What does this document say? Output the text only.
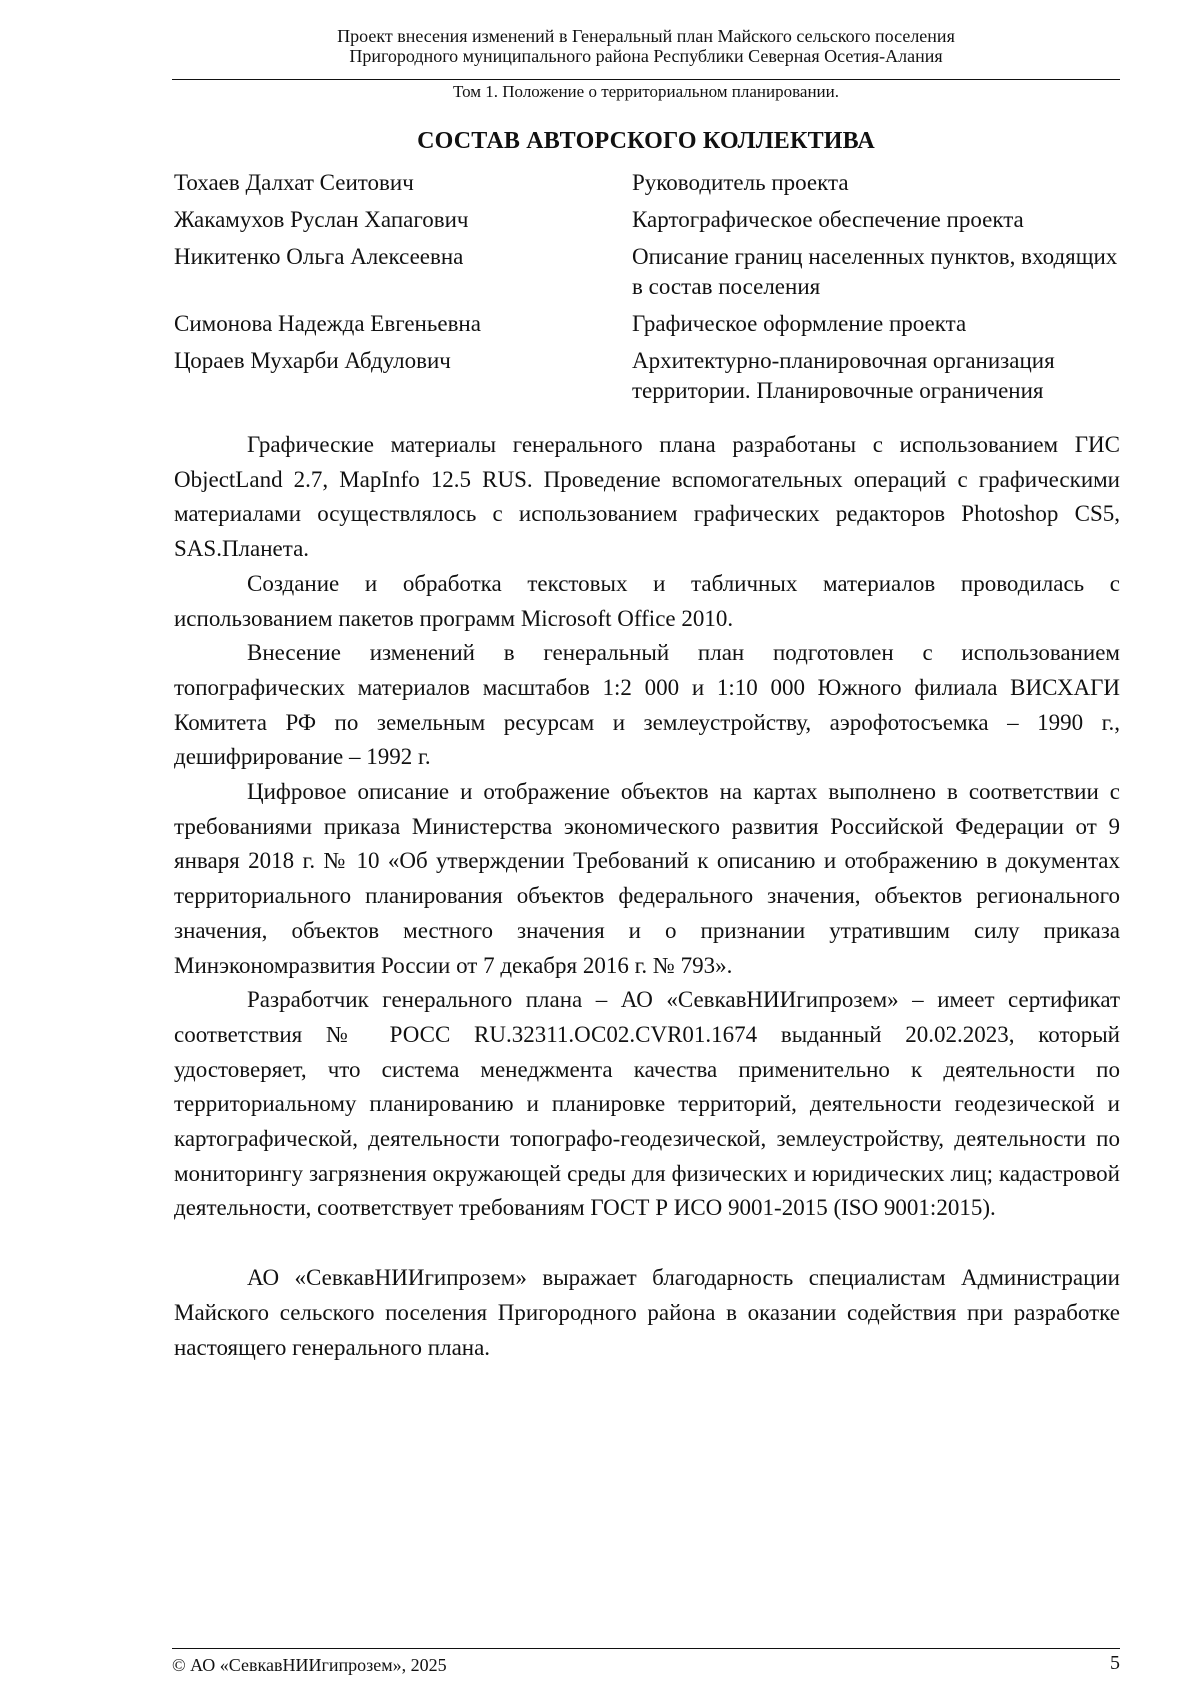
Проект внесения изменений в Генеральный план Майского сельского поселения
Пригородного муниципального района Республики Северная Осетия-Алания
Том 1. Положение о территориальном планировании.
СОСТАВ АВТОРСКОГО КОЛЛЕКТИВА
Тохаев Далхат Сеитович	Руководитель проекта
Жакамухов Руслан Хапагович	Картографическое обеспечение проекта
Никитенко Ольга Алексеевна	Описание границ населенных пунктов, входящих в состав поселения
Симонова Надежда Евгеньевна	Графическое оформление проекта
Цораев Мухарби Абдулович	Архитектурно-планировочная организация территории. Планировочные ограничения

Графические материалы генерального плана разработаны с использованием ГИС ObjectLand 2.7, MapInfo 12.5 RUS. Проведение вспомогательных операций с графическими материалами осуществлялось с использованием графических редакторов Photoshop CS5, SAS.Планета.

Создание и обработка текстовых и табличных материалов проводилась с использованием пакетов программ Microsoft Office 2010.

Внесение изменений в генеральный план подготовлен с использованием топографических материалов масштабов 1:2 000 и 1:10 000 Южного филиала ВИСХАГИ Комитета РФ по земельным ресурсам и землеустройству, аэрофотосъемка – 1990 г., дешифрирование – 1992 г.

Цифровое описание и отображение объектов на картах выполнено в соответствии с требованиями приказа Министерства экономического развития Российской Федерации от 9 января 2018 г. № 10 «Об утверждении Требований к описанию и отображению в документах территориального планирования объектов федерального значения, объектов регионального значения, объектов местного значения и о признании утратившим силу приказа Минэкономразвития России от 7 декабря 2016 г. № 793».

Разработчик генерального плана – АО «СевкавНИИгипрозем» – имеет сертификат соответствия № РОСС RU.32311.ОС02.CVR01.1674 выданный 20.02.2023, который удостоверяет, что система менеджмента качества применительно к деятельности по территориальному планированию и планировке территорий, деятельности геодезической и картографической, деятельности топографо-геодезической, землеустройству, деятельности по мониторингу загрязнения окружающей среды для физических и юридических лиц; кадастровой деятельности, соответствует требованиям ГОСТ Р ИСО 9001-2015 (ISO 9001:2015).

АО «СевкавНИИгипрозем» выражает благодарность специалистам Администрации Майского сельского поселения Пригородного района в оказании содействия при разработке настоящего генерального плана.

© АО «СевкавНИИгипрозем», 2025	5
